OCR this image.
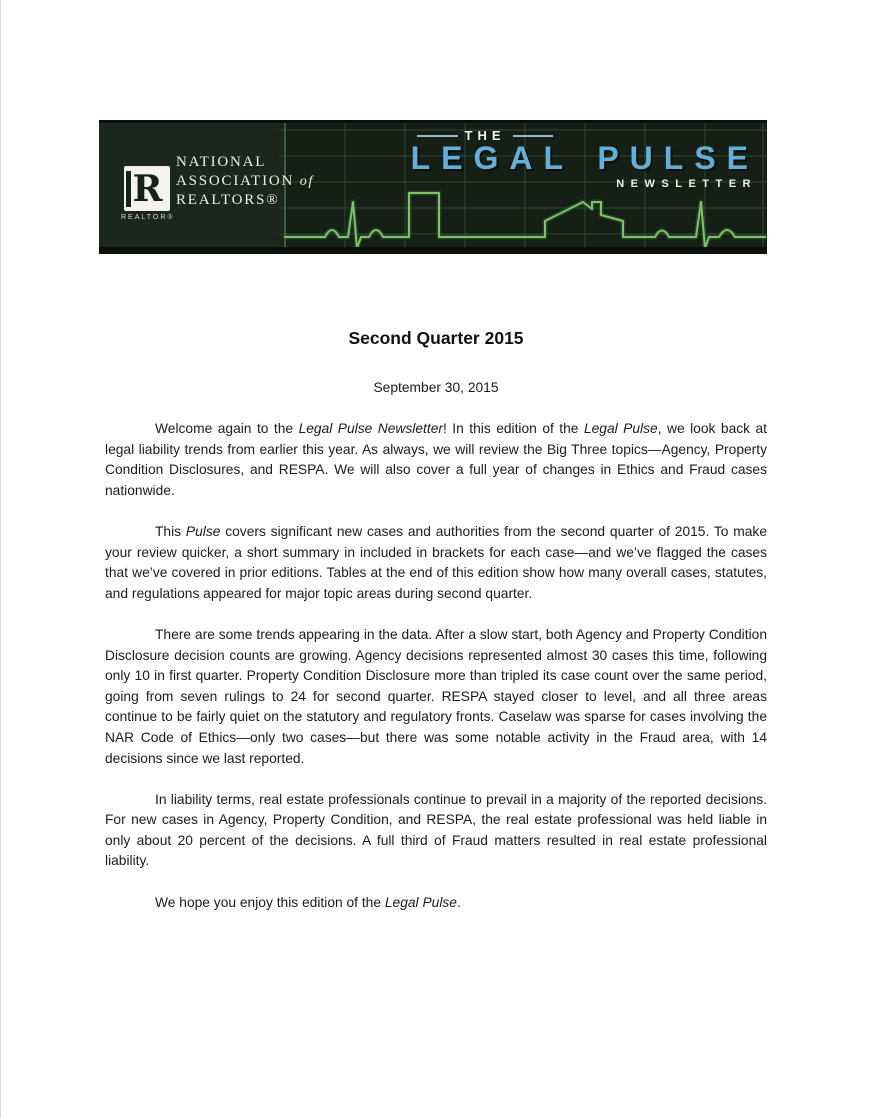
R
REALTOR®
NATIONAL
ASSOCIATION of
REALTORS®
THE
LEGAL PULSE
NEWSLETTER
Second Quarter 2015
September 30, 2015

Welcome again to the Legal Pulse Newsletter! In this edition of the Legal Pulse, we look back at legal liability trends from earlier this year. As always, we will review the Big Three topics—Agency, Property Condition Disclosures, and RESPA. We will also cover a full year of changes in Ethics and Fraud cases nationwide.

This Pulse covers significant new cases and authorities from the second quarter of 2015. To make your review quicker, a short summary in included in brackets for each case—and we’ve flagged the cases that we’ve covered in prior editions. Tables at the end of this edition show how many overall cases, statutes, and regulations appeared for major topic areas during second quarter.

There are some trends appearing in the data. After a slow start, both Agency and Property Condition Disclosure decision counts are growing. Agency decisions represented almost 30 cases this time, following only 10 in first quarter. Property Condition Disclosure more than tripled its case count over the same period, going from seven rulings to 24 for second quarter. RESPA stayed closer to level, and all three areas continue to be fairly quiet on the statutory and regulatory fronts. Caselaw was sparse for cases involving the NAR Code of Ethics—only two cases—but there was some notable activity in the Fraud area, with 14 decisions since we last reported.

In liability terms, real estate professionals continue to prevail in a majority of the reported decisions. For new cases in Agency, Property Condition, and RESPA, the real estate professional was held liable in only about 20 percent of the decisions. A full third of Fraud matters resulted in real estate professional liability.

We hope you enjoy this edition of the Legal Pulse.
